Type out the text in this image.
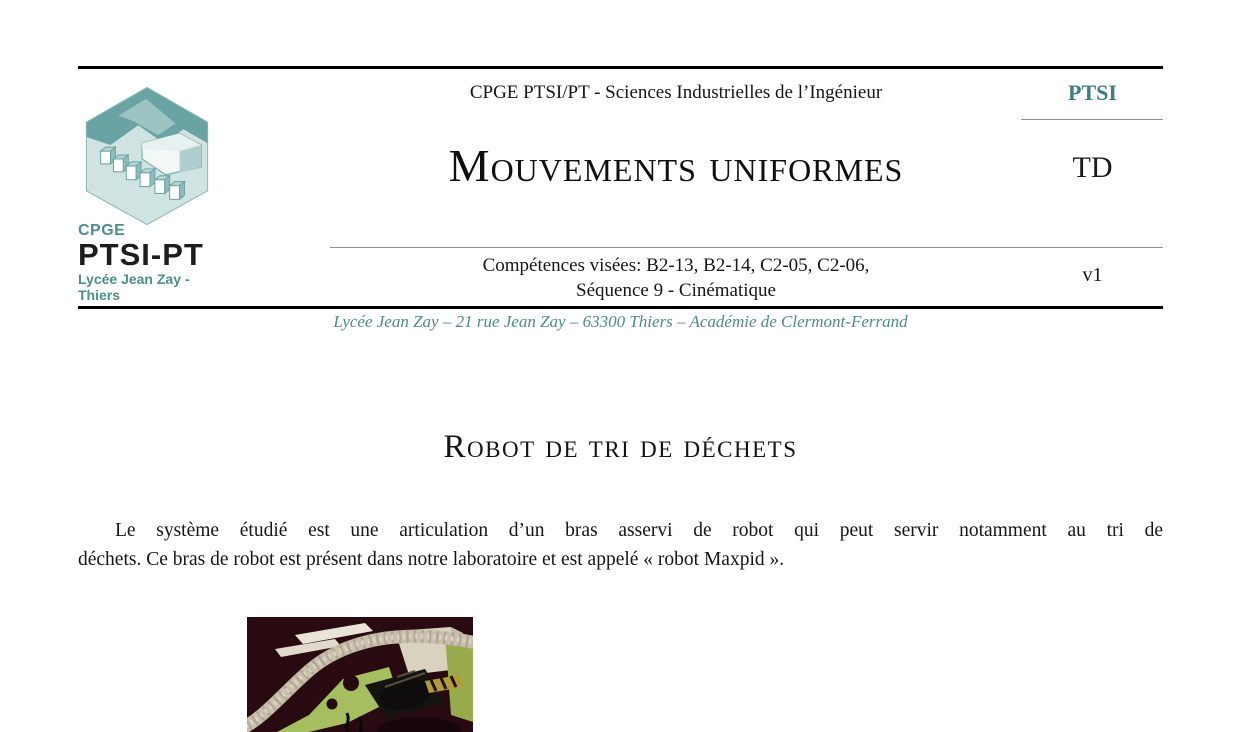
CPGE
PTSI-PT
Lycée Jean Zay - Thiers
CPGE PTSI/PT - Sciences Industrielles de l’Ingénieur
Mouvements uniformes
Compétences visées: B2-13, B2-14, C2-05, C2-06,
Séquence 9 - Cinématique
PTSI
TD
v1
Lycée Jean Zay – 21 rue Jean Zay – 63300 Thiers – Académie de Clermont-Ferrand
Robot de tri de déchets

Le système étudié est une articulation d’un bras asservi de robot qui peut servir notamment au tri de
déchets. Ce bras de robot est présent dans notre laboratoire et est appelé « robot Maxpid ».
